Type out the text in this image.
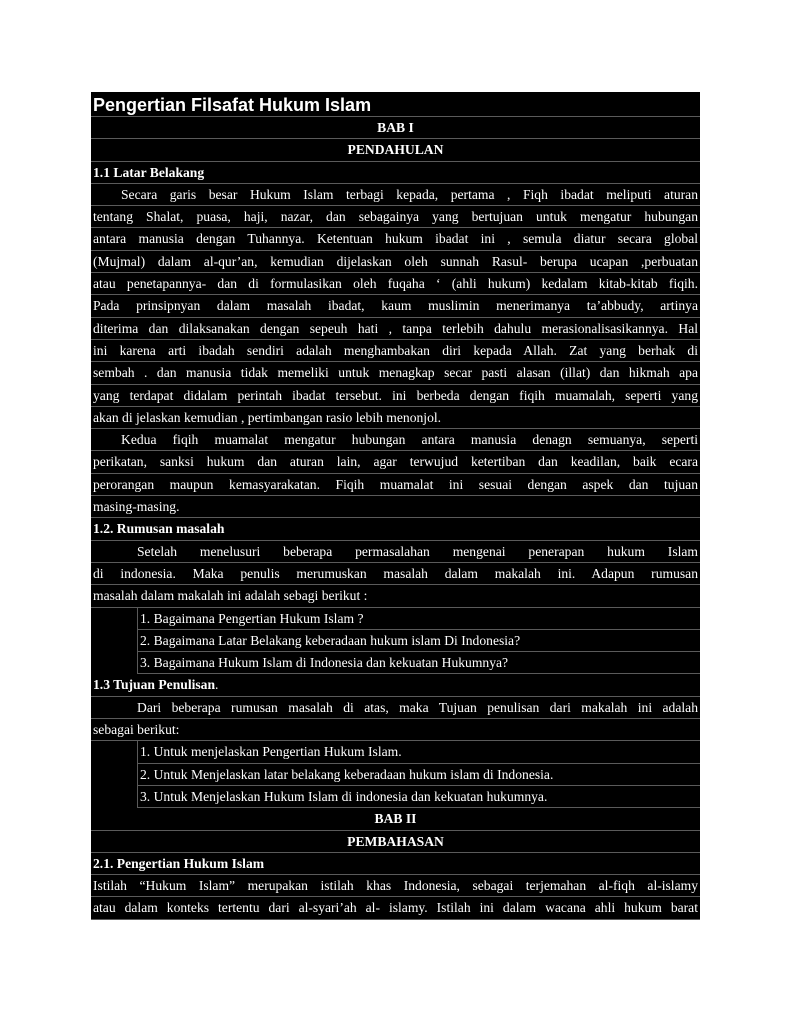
Pengertian Filsafat Hukum Islam
BAB I
PENDAHULAN
1.1 Latar Belakang
Secara garis besar Hukum Islam terbagi kepada, pertama , Fiqh ibadat meliputi aturan
tentang Shalat, puasa, haji, nazar, dan sebagainya yang bertujuan untuk mengatur hubungan
antara manusia dengan Tuhannya. Ketentuan hukum ibadat ini , semula diatur secara global
(Mujmal) dalam al-qur’an, kemudian dijelaskan oleh sunnah Rasul- berupa ucapan ,perbuatan
atau penetapannya- dan di formulasikan oleh fuqaha ‘ (ahli hukum) kedalam kitab-kitab fiqih.
Pada prinsipnyan dalam masalah ibadat, kaum muslimin menerimanya ta’abbudy, artinya
diterima dan dilaksanakan dengan sepeuh hati , tanpa terlebih dahulu merasionalisasikannya. Hal
ini karena arti ibadah sendiri adalah menghambakan diri kepada Allah. Zat yang berhak di
sembah . dan manusia tidak memeliki untuk menagkap secar pasti alasan (illat) dan hikmah apa
yang terdapat didalam perintah ibadat tersebut. ini berbeda dengan fiqih muamalah, seperti yang
akan di jelaskan kemudian , pertimbangan rasio lebih menonjol.
Kedua fiqih muamalat mengatur hubungan antara manusia denagn semuanya, seperti
perikatan, sanksi hukum dan aturan lain, agar terwujud ketertiban dan keadilan, baik ecara
perorangan maupun kemasyarakatan. Fiqih muamalat ini sesuai dengan aspek dan tujuan
masing-masing.
1.2. Rumusan masalah
Setelah menelusuri beberapa permasalahan mengenai penerapan hukum Islam
di indonesia. Maka penulis merumuskan masalah dalam makalah ini. Adapun rumusan
masalah dalam makalah ini adalah sebagi berikut :
1. Bagaimana Pengertian Hukum Islam ?
2. Bagaimana Latar Belakang keberadaan hukum islam Di Indonesia?
3. Bagaimana Hukum Islam di Indonesia dan kekuatan Hukumnya?
1.3 Tujuan Penulisan.
Dari beberapa rumusan masalah di atas, maka Tujuan penulisan dari makalah ini adalah
sebagai berikut:
1. Untuk menjelaskan Pengertian Hukum Islam.
2. Untuk Menjelaskan latar belakang keberadaan hukum islam di Indonesia.
3. Untuk Menjelaskan Hukum Islam di indonesia dan kekuatan hukumnya.
BAB II
PEMBAHASAN
2.1. Pengertian Hukum Islam
Istilah “Hukum Islam” merupakan istilah khas Indonesia, sebagai terjemahan al-fiqh al-islamy
atau dalam konteks tertentu dari al-syari’ah al- islamy. Istilah ini dalam wacana ahli hukum barat
